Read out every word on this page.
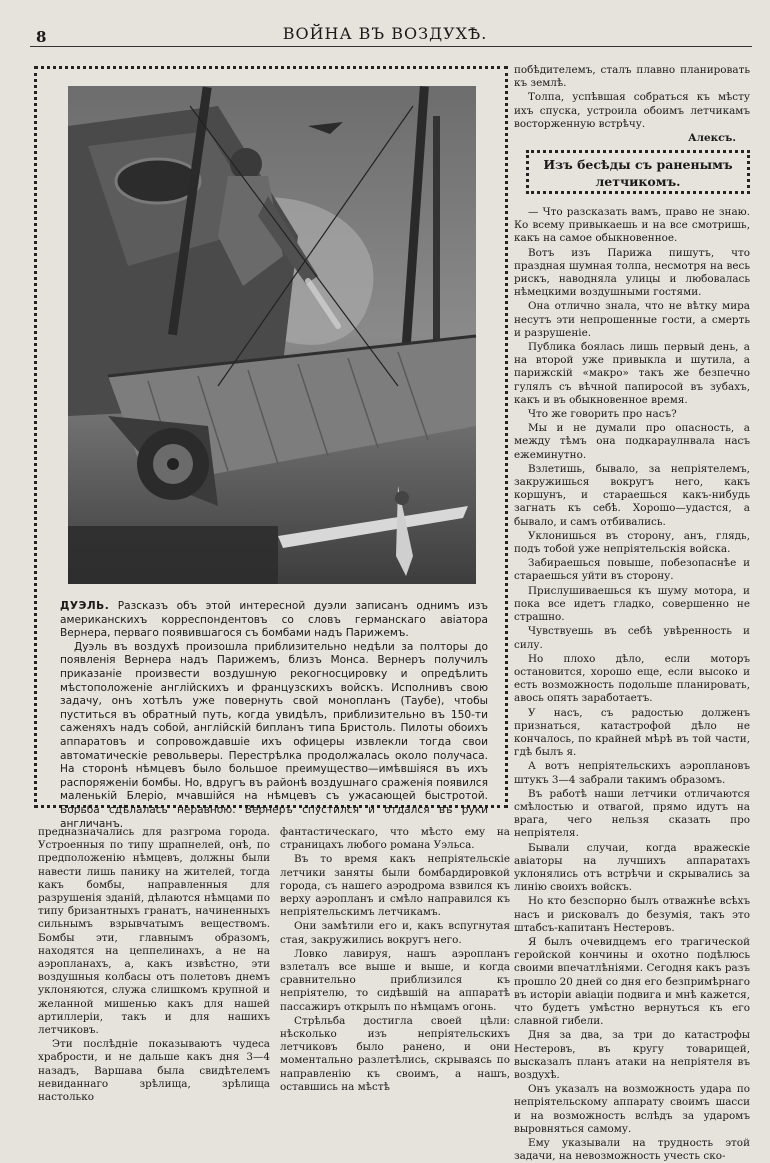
8	ВОЙНА ВЪ ВОЗДУХѢ.

ДУЭЛЬ. Разсказъ объ этой интересной дуэли записанъ однимъ изъ американскихъ корреспондентовъ со словъ германскаго авіатора Вернера, перваго появившагося съ бомбами надъ Парижемъ.

Дуэль въ воздухѣ произошла приблизительно недѣли за полторы до появленія Вернера надъ Парижемъ, близъ Монса. Вернеръ получилъ приказаніе произвести воздушную рекогносцировку и опредѣлить мѣстоположеніе англійскихъ и французскихъ войскъ. Исполнивъ свою задачу, онъ хотѣлъ уже повернуть свой монопланъ (Таубе), чтобы пуститься въ обратный путь, когда увидѣлъ, приблизительно въ 150-ти саженяхъ надъ собой, англійскій бипланъ типа Бристоль. Пилоты обоихъ аппаратовъ и сопровождавшіе ихъ офицеры извлекли тогда свои автоматическіе револьверы. Перестрѣлка продолжалась около получаса. На сторонѣ нѣмцевъ было большое преимущество—имѣвшіяся въ ихъ распоряженіи бомбы. Но, вдругъ въ районѣ воздушнаго сраженія появился маленькій Блеріо, мчавшійся на нѣмцевъ съ ужасающей быстротой. Борьба сдѣлалась неравною. Вернеръ спустился и отдался въ руки англичанъ.

побѣдителемъ, сталъ плавно планировать къ землѣ.

Толпа, успѣвшая собраться къ мѣсту ихъ спуска, устроила обоимъ летчикамъ восторженную встрѣчу.

Алексъ.

Изъ бесѣды съ раненымъ
летчикомъ.

— Что разсказать вамъ, право не знаю. Ко всему привыкаешь и на все смотришь, какъ на самое обыкновенное.

Вотъ изъ Парижа пишутъ, что праздная шумная толпа, несмотря на весь рискъ, наводняла улицы и любовалась нѣмецкими воздушными гостями.

Она отлично знала, что не вѣтку мира несутъ эти непрошенные гости, а смерть и разрушеніе.

Публика боялась лишь первый день, а на второй уже привыкла и шутила, а парижскій «макро» такъ же безпечно гулялъ съ вѣчной папиросой въ зубахъ, какъ и въ обыкновенное время.

Что же говорить про насъ?

Мы и не думали про опасность, а между тѣмъ она подкараулнвала насъ ежеминутно.

Взлетишь, бывало, за непріятелемъ, закружишься вокругъ него, какъ коршунъ, и стараешься какъ-нибудь загнать къ себѣ. Хорошо—удастся, а бывало, и самъ отбивались.

Уклонишься въ сторону, анъ, глядь, подъ тобой уже непріятельскія войска.

Забираешься повыше, побезопаснѣе и стараешься уйти въ сторону.

Прислушиваешься къ шуму мотора, и пока все идетъ гладко, совершенно не страшно.

Чувствуешь въ себѣ увѣренность и силу.

Но плохо дѣло, если моторъ остановится, хорошо еще, если высоко и есть возможность подольше планировать, авось опять заработаетъ.

У насъ, съ радостью долженъ признаться, катастрофой дѣло не кончалось, по крайней мѣрѣ въ той части, гдѣ былъ я.

А вотъ непріятельскихъ аэроплановъ штукъ 3—4 забрали такимъ образомъ.

Въ работѣ наши летчики отличаются смѣлостью и отвагой, прямо идутъ на врага, чего нельзя сказать про непріятеля.

Бывали случаи, когда вражескіе авіаторы на лучшихъ аппаратахъ уклонялись отъ встрѣчи и скрывались за линію своихъ войскъ.

Но кто безспорно былъ отважнѣе всѣхъ насъ и рисковалъ до безумія, такъ это штабсъ-капитанъ Нестеровъ.

Я былъ очевидцемъ его трагической геройской кончины и охотно подѣлюсь своими впечатлѣніями. Сегодня какъ разъ прошло 20 дней со дня его безпримѣрнаго въ исторіи авіаціи подвига и мнѣ кажется, что будетъ умѣстно вернуться къ его славной гибели.

Дня за два, за три до катастрофы Нестеровъ, въ кругу товарищей, высказалъ планъ атаки на непріятеля въ воздухѣ.

Онъ указалъ на возможность удара по непріятельскому аппарату своимъ шасси и на возможность вслѣдъ за ударомъ выровняться самому.

Ему указывали на трудность этой задачи, на невозможность учесть ско-

предназначались для разгрома города. Устроенныя по типу шрапнелей, онѣ, по предположенію нѣмцевъ, должны были навести лишь панику на жителей, тогда какъ бомбы, направленныя для разрушенія зданій, дѣлаются нѣмцами по типу бризантныхъ гранатъ, начиненныхъ сильнымъ взрывчатымъ веществомъ. Бомбы эти, главнымъ образомъ, находятся на цеппелинахъ, а не на аэропланахъ, а, какъ извѣстно, эти воздушныя колбасы отъ полетовъ днемъ уклоняются, служа слишкомъ крупной и желанной мишенью какъ для нашей артиллеріи, такъ и для нашихъ летчиковъ.

Эти послѣдніе показываютъ чудеса храбрости, и не дальше какъ дня 3—4 назадъ, Варшава была свидѣтелемъ невиданнаго зрѣлища, зрѣлища настолько

фантастическаго, что мѣсто ему на страницахъ любого романа Уэльса.

Въ то время какъ непріятельскіе летчики заняты были бомбардировкой города, съ нашего аэродрома взвился къ верху аэропланъ и смѣло направился къ непріятельскимъ летчикамъ.

Они замѣтили его и, какъ вспугнутая стая, закружились вокругъ него.

Ловко лавируя, нашъ аэропланъ взлеталъ все выше и выше, и когда сравнительно приблизился къ непріятелю, то сидѣвшій на аппаратѣ пассажиръ открылъ по нѣмцамъ огонь.

Стрѣльба достигла своей цѣли: нѣсколько изъ непріятельскихъ летчиковъ было ранено, и они моментально разлетѣлись, скрываясь по направленію къ своимъ, а нашъ, оставшись на мѣстѣ
